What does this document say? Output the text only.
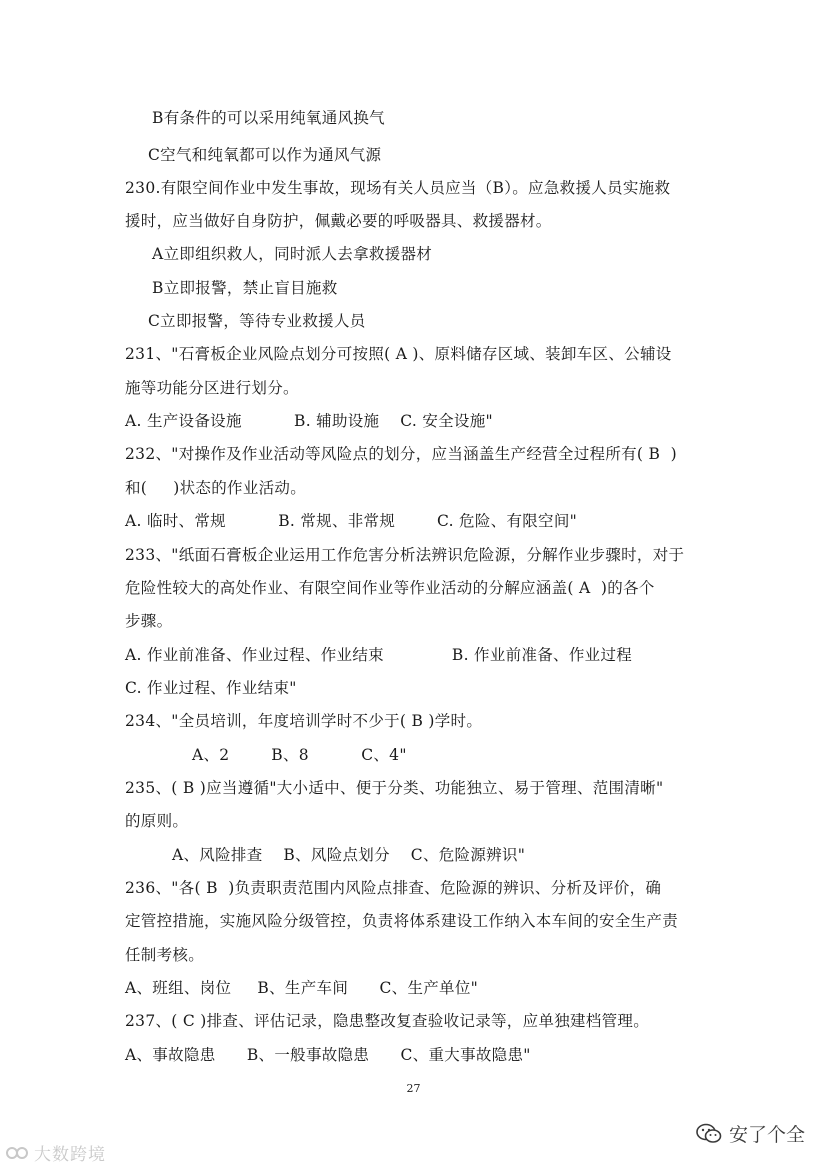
B有条件的可以采用纯氧通风换气
C空气和纯氧都可以作为通风气源
230.有限空间作业中发生事故，现场有关人员应当（B）。应急救援人员实施救
援时，应当做好自身防护，佩戴必要的呼吸器具、救援器材。
A立即组织救人，同时派人去拿救援器材
B立即报警，禁止盲目施救
C立即报警，等待专业救援人员
231、"石膏板企业风险点划分可按照( A )、原料储存区域、装卸车区、公辅设
施等功能分区进行划分。
A. 生产设备设施          B. 辅助设施    C. 安全设施"
232、"对操作及作业活动等风险点的划分，应当涵盖生产经营全过程所有( B  )
和(     )状态的作业活动。
A. 临时、常规          B. 常规、非常规        C. 危险、有限空间"
233、"纸面石膏板企业运用工作危害分析法辨识危险源，分解作业步骤时，对于
危险性较大的高处作业、有限空间作业等作业活动的分解应涵盖( A  )的各个
步骤。
A. 作业前准备、作业过程、作业结束             B. 作业前准备、作业过程
C. 作业过程、作业结束"
234、"全员培训，年度培训学时不少于( B )学时。
A、2        B、8          C、4"
235、( B )应当遵循"大小适中、便于分类、功能独立、易于管理、范围清晰"
的原则。
A、风险排查    B、风险点划分    C、危险源辨识"
236、"各( B  )负责职责范围内风险点排查、危险源的辨识、分析及评价，确
定管控措施，实施风险分级管控，负责将体系建设工作纳入本车间的安全生产责
任制考核。
A、班组、岗位     B、生产车间      C、生产单位"
237、( C )排查、评估记录，隐患整改复查验收记录等，应单独建档管理。
A、事故隐患      B、一般事故隐患      C、重大事故隐患"
27
大数跨境
安了个全
